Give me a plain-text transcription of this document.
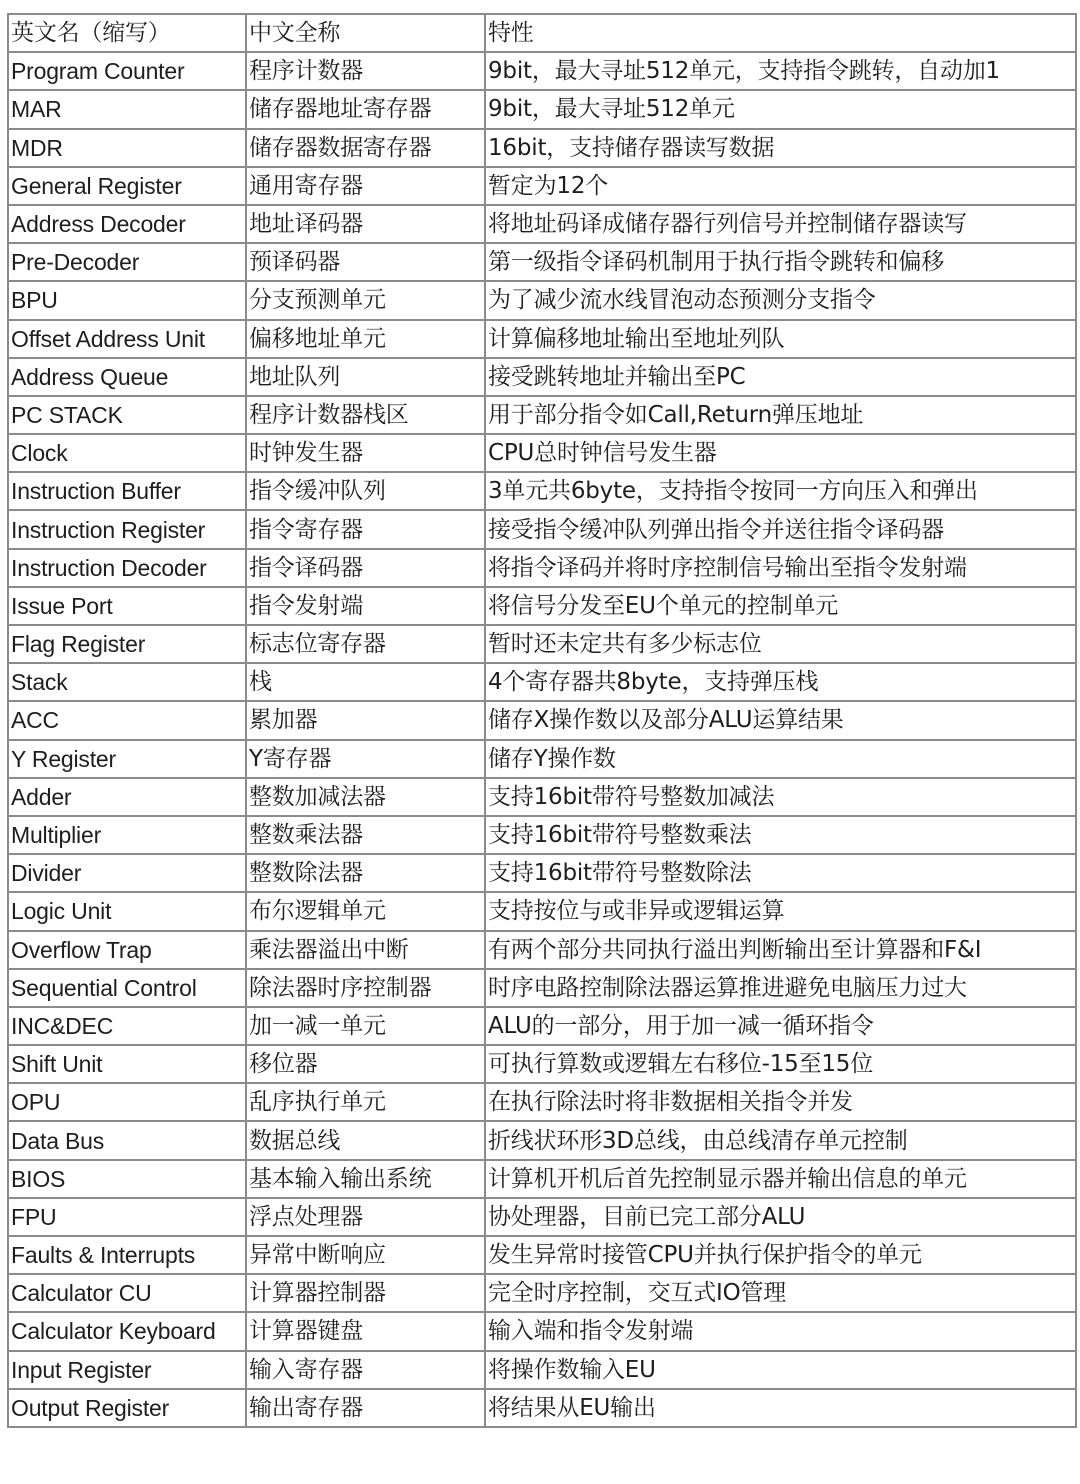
英文名（缩写）	中文全称	特性
Program Counter	程序计数器	9bit，最大寻址512单元，支持指令跳转，自动加1
MAR	储存器地址寄存器	9bit，最大寻址512单元
MDR	储存器数据寄存器	16bit，支持储存器读写数据
General Register	通用寄存器	暂定为12个
Address Decoder	地址译码器	将地址码译成储存器行列信号并控制储存器读写
Pre-Decoder	预译码器	第一级指令译码机制用于执行指令跳转和偏移
BPU	分支预测单元	为了减少流水线冒泡动态预测分支指令
Offset Address Unit	偏移地址单元	计算偏移地址输出至地址列队
Address Queue	地址队列	接受跳转地址并输出至PC
PC STACK	程序计数器栈区	用于部分指令如Call,Return弹压地址
Clock	时钟发生器	CPU总时钟信号发生器
Instruction Buffer	指令缓冲队列	3单元共6byte，支持指令按同一方向压入和弹出
Instruction Register	指令寄存器	接受指令缓冲队列弹出指令并送往指令译码器
Instruction Decoder	指令译码器	将指令译码并将时序控制信号输出至指令发射端
Issue Port	指令发射端	将信号分发至EU个单元的控制单元
Flag Register	标志位寄存器	暂时还未定共有多少标志位
Stack	栈	4个寄存器共8byte，支持弹压栈
ACC	累加器	储存X操作数以及部分ALU运算结果
Y Register	Y寄存器	储存Y操作数
Adder	整数加减法器	支持16bit带符号整数加减法
Multiplier	整数乘法器	支持16bit带符号整数乘法
Divider	整数除法器	支持16bit带符号整数除法
Logic Unit	布尔逻辑单元	支持按位与或非异或逻辑运算
Overflow Trap	乘法器溢出中断	有两个部分共同执行溢出判断输出至计算器和F&I
Sequential Control	除法器时序控制器	时序电路控制除法器运算推进避免电脑压力过大
INC&DEC	加一减一单元	ALU的一部分，用于加一减一循环指令
Shift Unit	移位器	可执行算数或逻辑左右移位-15至15位
OPU	乱序执行单元	在执行除法时将非数据相关指令并发
Data Bus	数据总线	折线状环形3D总线，由总线清存单元控制
BIOS	基本输入输出系统	计算机开机后首先控制显示器并输出信息的单元
FPU	浮点处理器	协处理器，目前已完工部分ALU
Faults & Interrupts	异常中断响应	发生异常时接管CPU并执行保护指令的单元
Calculator CU	计算器控制器	完全时序控制，交互式IO管理
Calculator Keyboard	计算器键盘	输入端和指令发射端
Input Register	输入寄存器	将操作数输入EU
Output Register	输出寄存器	将结果从EU输出
